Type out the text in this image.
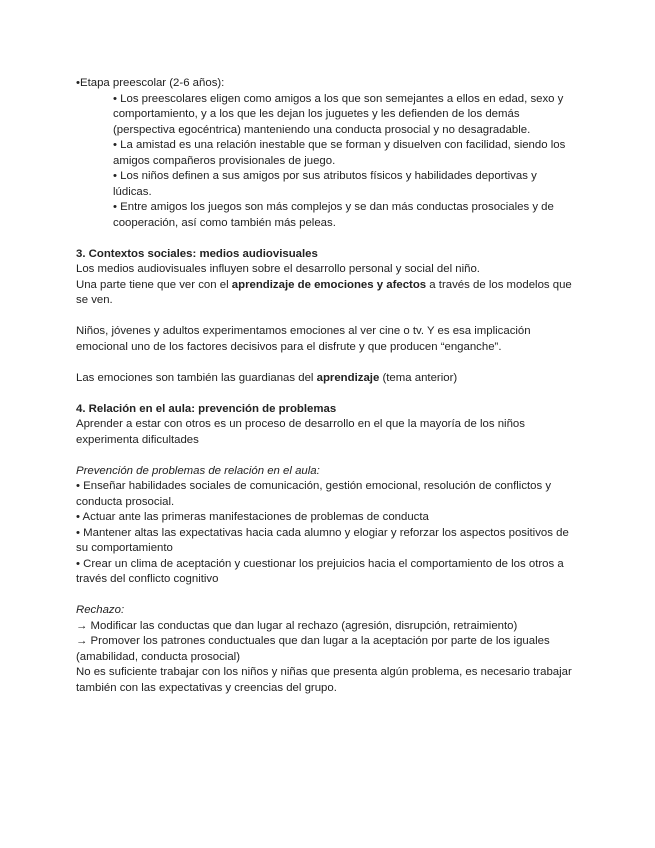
•Etapa preescolar (2-6 años):

• Los preescolares eligen como amigos a los que son semejantes a ellos en edad, sexo y comportamiento, y a los que les dejan los juguetes y les defienden de los demás (perspectiva egocéntrica) manteniendo una conducta prosocial y no desagradable.

• La amistad es una relación inestable que se forman y disuelven con facilidad, siendo los amigos compañeros provisionales de juego.

• Los niños definen a sus amigos por sus atributos físicos y habilidades deportivas y lúdicas.

• Entre amigos los juegos son más complejos y se dan más conductas prosociales y de cooperación, así como también más peleas.

3. Contextos sociales: medios audiovisuales

Los medios audiovisuales influyen sobre el desarrollo personal y social del niño.

Una parte tiene que ver con el aprendizaje de emociones y afectos a través de los modelos que se ven.

Niños, jóvenes y adultos experimentamos emociones al ver cine o tv. Y es esa implicación emocional uno de los factores decisivos para el disfrute y que producen “enganche”.

Las emociones son también las guardianas del aprendizaje (tema anterior)

4. Relación en el aula: prevención de problemas

Aprender a estar con otros es un proceso de desarrollo en el que la mayoría de los niños experimenta dificultades

Prevención de problemas de relación en el aula:

• Enseñar habilidades sociales de comunicación, gestión emocional, resolución de conflictos y conducta prosocial.

• Actuar ante las primeras manifestaciones de problemas de conducta

• Mantener altas las expectativas hacia cada alumno y elogiar y reforzar los aspectos positivos de su comportamiento

• Crear un clima de aceptación y cuestionar los prejuicios hacia el comportamiento de los otros a través del conflicto cognitivo

Rechazo:

→ Modificar las conductas que dan lugar al rechazo (agresión, disrupción, retraimiento)

→ Promover los patrones conductuales que dan lugar a la aceptación por parte de los iguales (amabilidad, conducta prosocial)

No es suficiente trabajar con los niños y niñas que presenta algún problema, es necesario trabajar también con las expectativas y creencias del grupo.
